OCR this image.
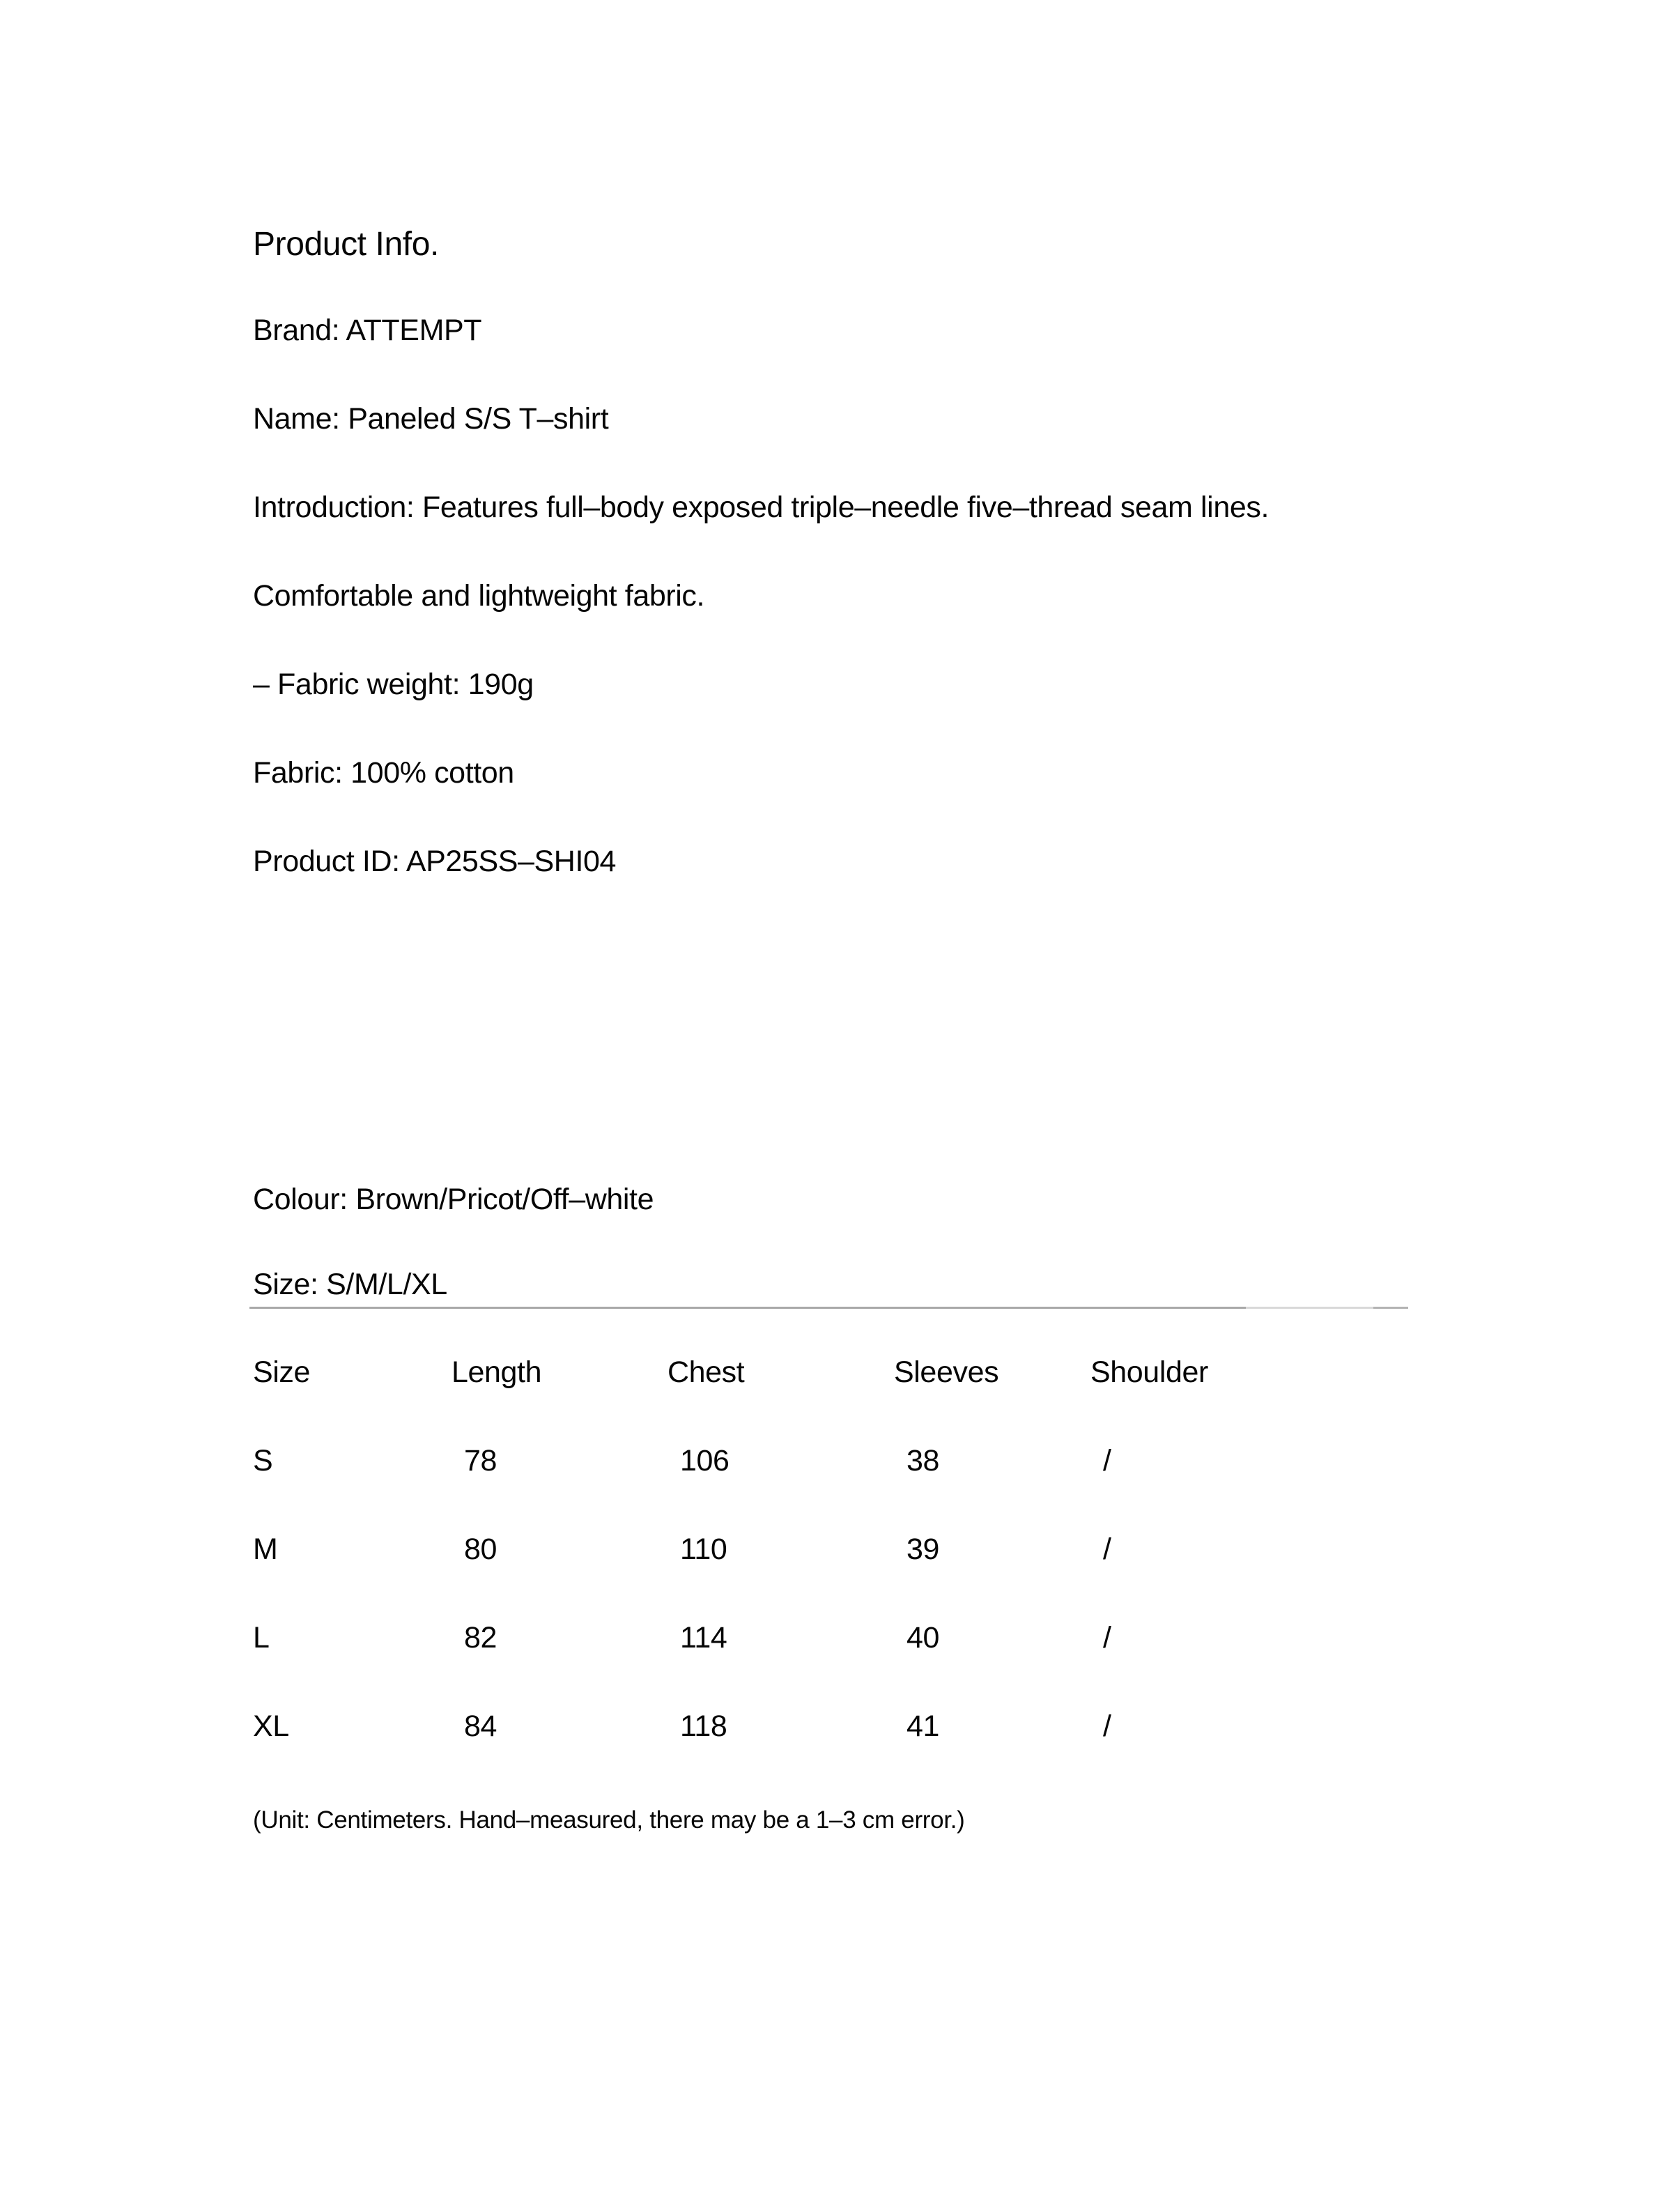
Product Info.

Brand: ATTEMPT

Name: Paneled S/S T–shirt

Introduction: Features full–body exposed triple–needle five–thread seam lines.

Comfortable and lightweight fabric.

– Fabric weight: 190g

Fabric: 100% cotton

Product ID: AP25SS–SHI04

Colour: Brown/Pricot/Off–white

Size: S/M/L/XL

Size	Length	Chest	Sleeves	Shoulder
S	78	106	38	/
M	80	110	39	/
L	82	114	40	/
XL	84	118	41	/

(Unit: Centimeters. Hand–measured, there may be a 1–3 cm error.)
